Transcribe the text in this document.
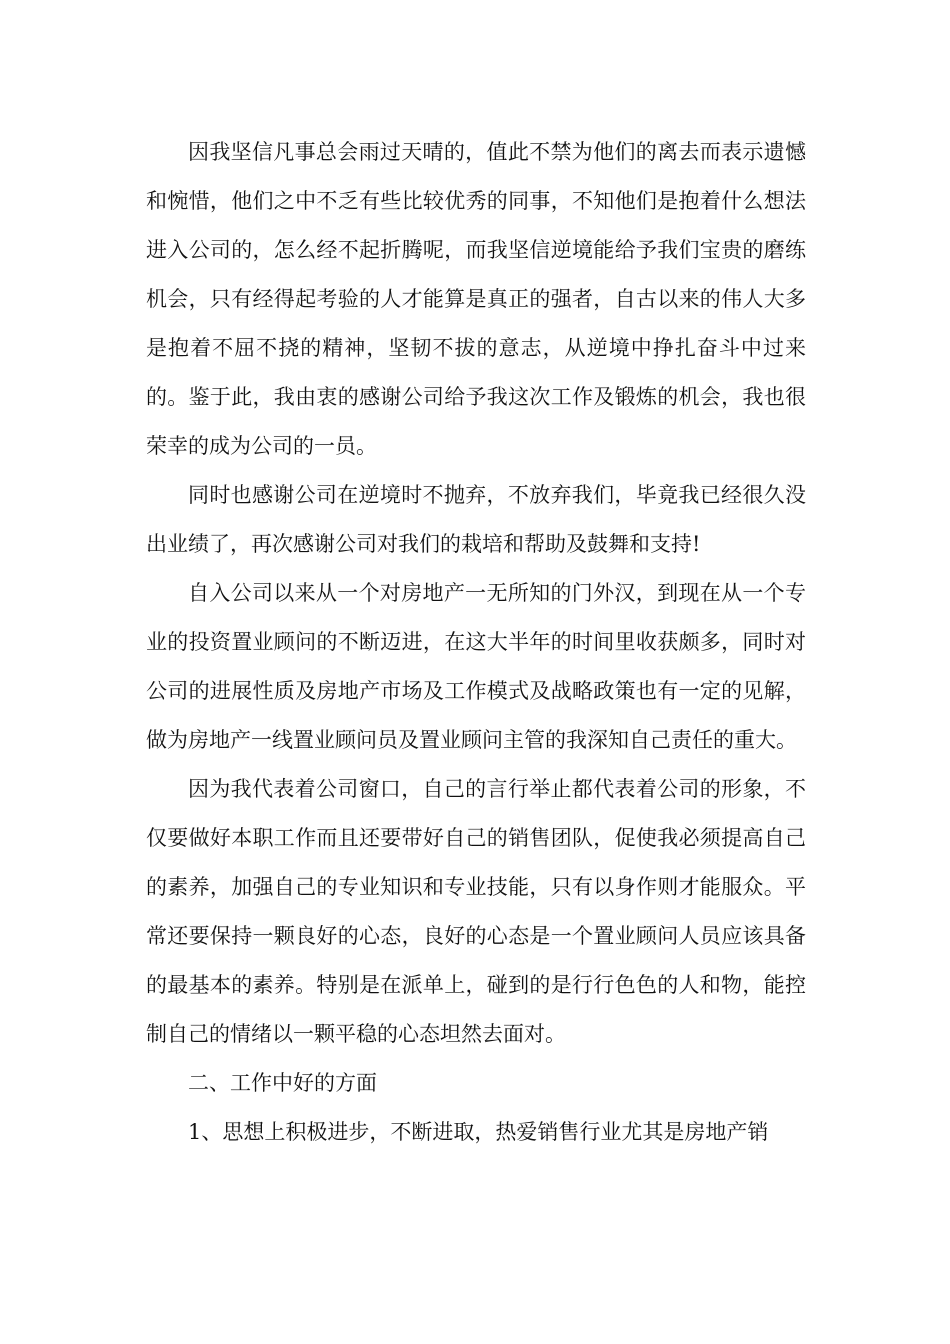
因我坚信凡事总会雨过天晴的，值此不禁为他们的离去而表示遗憾和惋惜，他们之中不乏有些比较优秀的同事，不知他们是抱着什么想法进入公司的，怎么经不起折腾呢，而我坚信逆境能给予我们宝贵的磨练机会，只有经得起考验的人才能算是真正的强者，自古以来的伟人大多是抱着不屈不挠的精神，坚韧不拔的意志，从逆境中挣扎奋斗中过来的。鉴于此，我由衷的感谢公司给予我这次工作及锻炼的机会，我也很荣幸的成为公司的一员。

同时也感谢公司在逆境时不抛弃，不放弃我们，毕竟我已经很久没出业绩了，再次感谢公司对我们的栽培和帮助及鼓舞和支持!

自入公司以来从一个对房地产一无所知的门外汉，到现在从一个专业的投资置业顾问的不断迈进，在这大半年的时间里收获颇多，同时对公司的进展性质及房地产市场及工作模式及战略政策也有一定的见解，做为房地产一线置业顾问员及置业顾问主管的我深知自己责任的重大。

因为我代表着公司窗口，自己的言行举止都代表着公司的形象，不仅要做好本职工作而且还要带好自己的销售团队，促使我必须提高自己的素养，加强自己的专业知识和专业技能，只有以身作则才能服众。平常还要保持一颗良好的心态，良好的心态是一个置业顾问人员应该具备的最基本的素养。特别是在派单上，碰到的是行行色色的人和物，能控制自己的情绪以一颗平稳的心态坦然去面对。

二、工作中好的方面

1、思想上积极进步，不断进取，热爱销售行业尤其是房地产销
